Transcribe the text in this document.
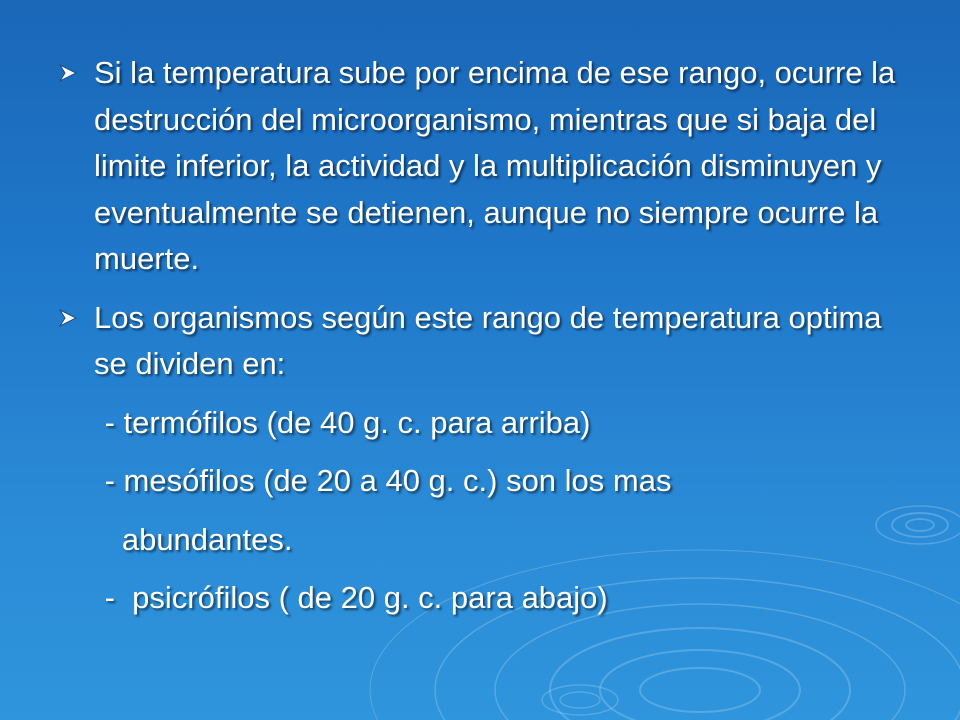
Si la temperatura sube por encima de ese rango, ocurre la destrucción del microorganismo, mientras que si baja del limite inferior, la actividad y la multiplicación disminuyen y eventualmente se detienen, aunque no siempre ocurre la muerte.
Los organismos según este rango de temperatura optima se dividen en:
- termófilos (de 40 g. c. para arriba)
- mesófilos (de 20 a 40 g. c.) son los mas
abundantes.
-  psicrófilos ( de 20 g. c. para abajo)
